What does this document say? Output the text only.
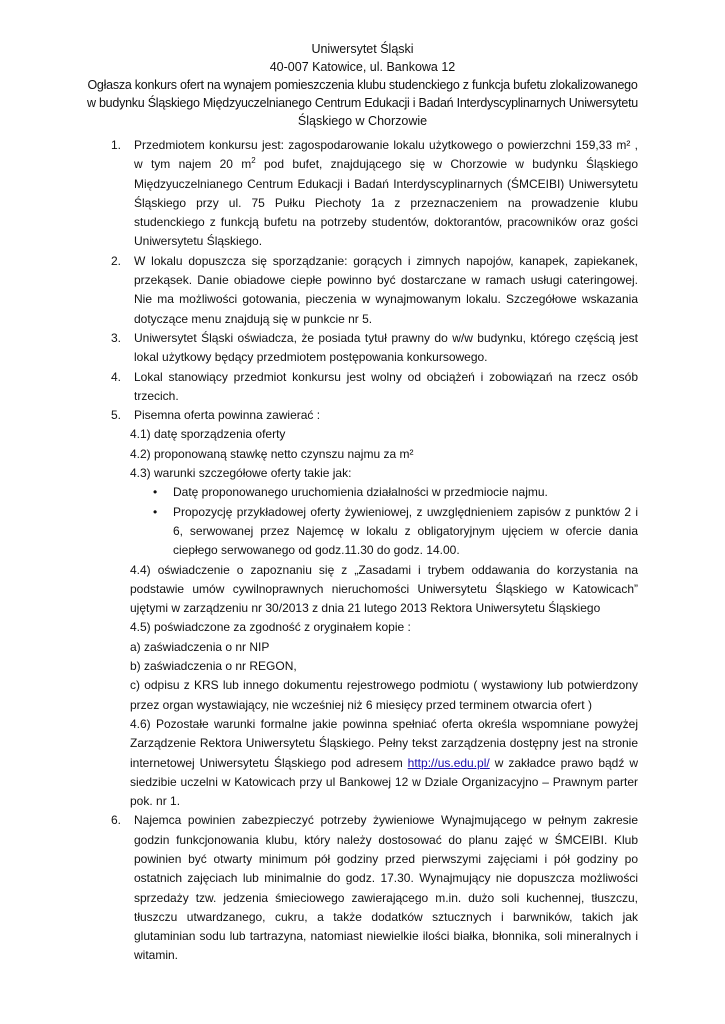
Uniwersytet Śląski
40-007 Katowice, ul. Bankowa 12
Ogłasza konkurs ofert na wynajem pomieszczenia klubu studenckiego z funkcja bufetu zlokalizowanego
w budynku Śląskiego Międzyuczelnianego Centrum Edukacji i Badań Interdyscyplinarnych Uniwersytetu
Śląskiego w Chorzowie
1. Przedmiotem konkursu jest: zagospodarowanie lokalu użytkowego o powierzchni 159,33 m² , w tym najem 20 $m^2$ pod bufet, znajdującego się w Chorzowie w budynku Śląskiego Międzyuczelnianego Centrum Edukacji i Badań Interdyscyplinarnych (ŚMCEIBI) Uniwersytetu Śląskiego przy ul. 75 Pułku Piechoty 1a z przeznaczeniem na prowadzenie klubu studenckiego z funkcją bufetu na potrzeby studentów, doktorantów, pracowników oraz gości Uniwersytetu Śląskiego.
2. W lokalu dopuszcza się sporządzanie: gorących i zimnych napojów, kanapek, zapiekanek, przekąsek. Danie obiadowe ciepłe powinno być dostarczane w ramach usługi cateringowej. Nie ma możliwości gotowania, pieczenia w wynajmowanym lokalu. Szczegółowe wskazania dotyczące menu znajdują się w punkcie nr 5.
3. Uniwersytet Śląski oświadcza, że posiada tytuł prawny do w/w budynku, którego częścią jest lokal użytkowy będący przedmiotem postępowania konkursowego.
4. Lokal stanowiący przedmiot konkursu jest wolny od obciążeń i zobowiązań na rzecz osób trzecich.
5. Pisemna oferta powinna zawierać :
4.1) datę sporządzenia oferty
4.2) proponowaną stawkę netto czynszu najmu za m²
4.3) warunki szczegółowe oferty takie jak:
• Datę proponowanego uruchomienia działalności w przedmiocie najmu.
• Propozycję przykładowej oferty żywieniowej, z uwzględnieniem zapisów z punktów 2 i 6, serwowanej przez Najemcę w lokalu z obligatoryjnym ujęciem w ofercie dania ciepłego serwowanego od godz.11.30 do godz. 14.00.
4.4) oświadczenie o zapoznaniu się z „Zasadami i trybem oddawania do korzystania na podstawie umów cywilnoprawnych nieruchomości Uniwersytetu Śląskiego w Katowicach” ujętymi w zarządzeniu nr 30/2013 z dnia 21 lutego 2013 Rektora Uniwersytetu Śląskiego
4.5) poświadczone za zgodność z oryginałem kopie :
a) zaświadczenia o nr NIP
b) zaświadczenia o nr REGON,
c) odpisu z KRS lub innego dokumentu rejestrowego podmiotu ( wystawiony lub potwierdzony przez organ wystawiający, nie wcześniej niż 6 miesięcy przed terminem otwarcia ofert )
4.6) Pozostałe warunki formalne jakie powinna spełniać oferta określa wspomniane powyżej Zarządzenie Rektora Uniwersytetu Śląskiego. Pełny tekst zarządzenia dostępny jest na stronie internetowej Uniwersytetu Śląskiego pod adresem http://us.edu.pl/ w zakładce prawo bądź w siedzibie uczelni w Katowicach przy ul Bankowej 12 w Dziale Organizacyjno – Prawnym parter pok. nr 1.
6. Najemca powinien zabezpieczyć potrzeby żywieniowe Wynajmującego w pełnym zakresie godzin funkcjonowania klubu, który należy dostosować do planu zajęć w ŚMCEIBI. Klub powinien być otwarty minimum pół godziny przed pierwszymi zajęciami i pół godziny po ostatnich zajęciach lub minimalnie do godz. 17.30. Wynajmujący nie dopuszcza możliwości sprzedaży tzw. jedzenia śmieciowego zawierającego m.in. dużo soli kuchennej, tłuszczu, tłuszczu utwardzanego, cukru, a także dodatków sztucznych i barwników, takich jak glutaminian sodu lub tartrazyna, natomiast niewielkie ilości białka, błonnika, soli mineralnych i witamin.
